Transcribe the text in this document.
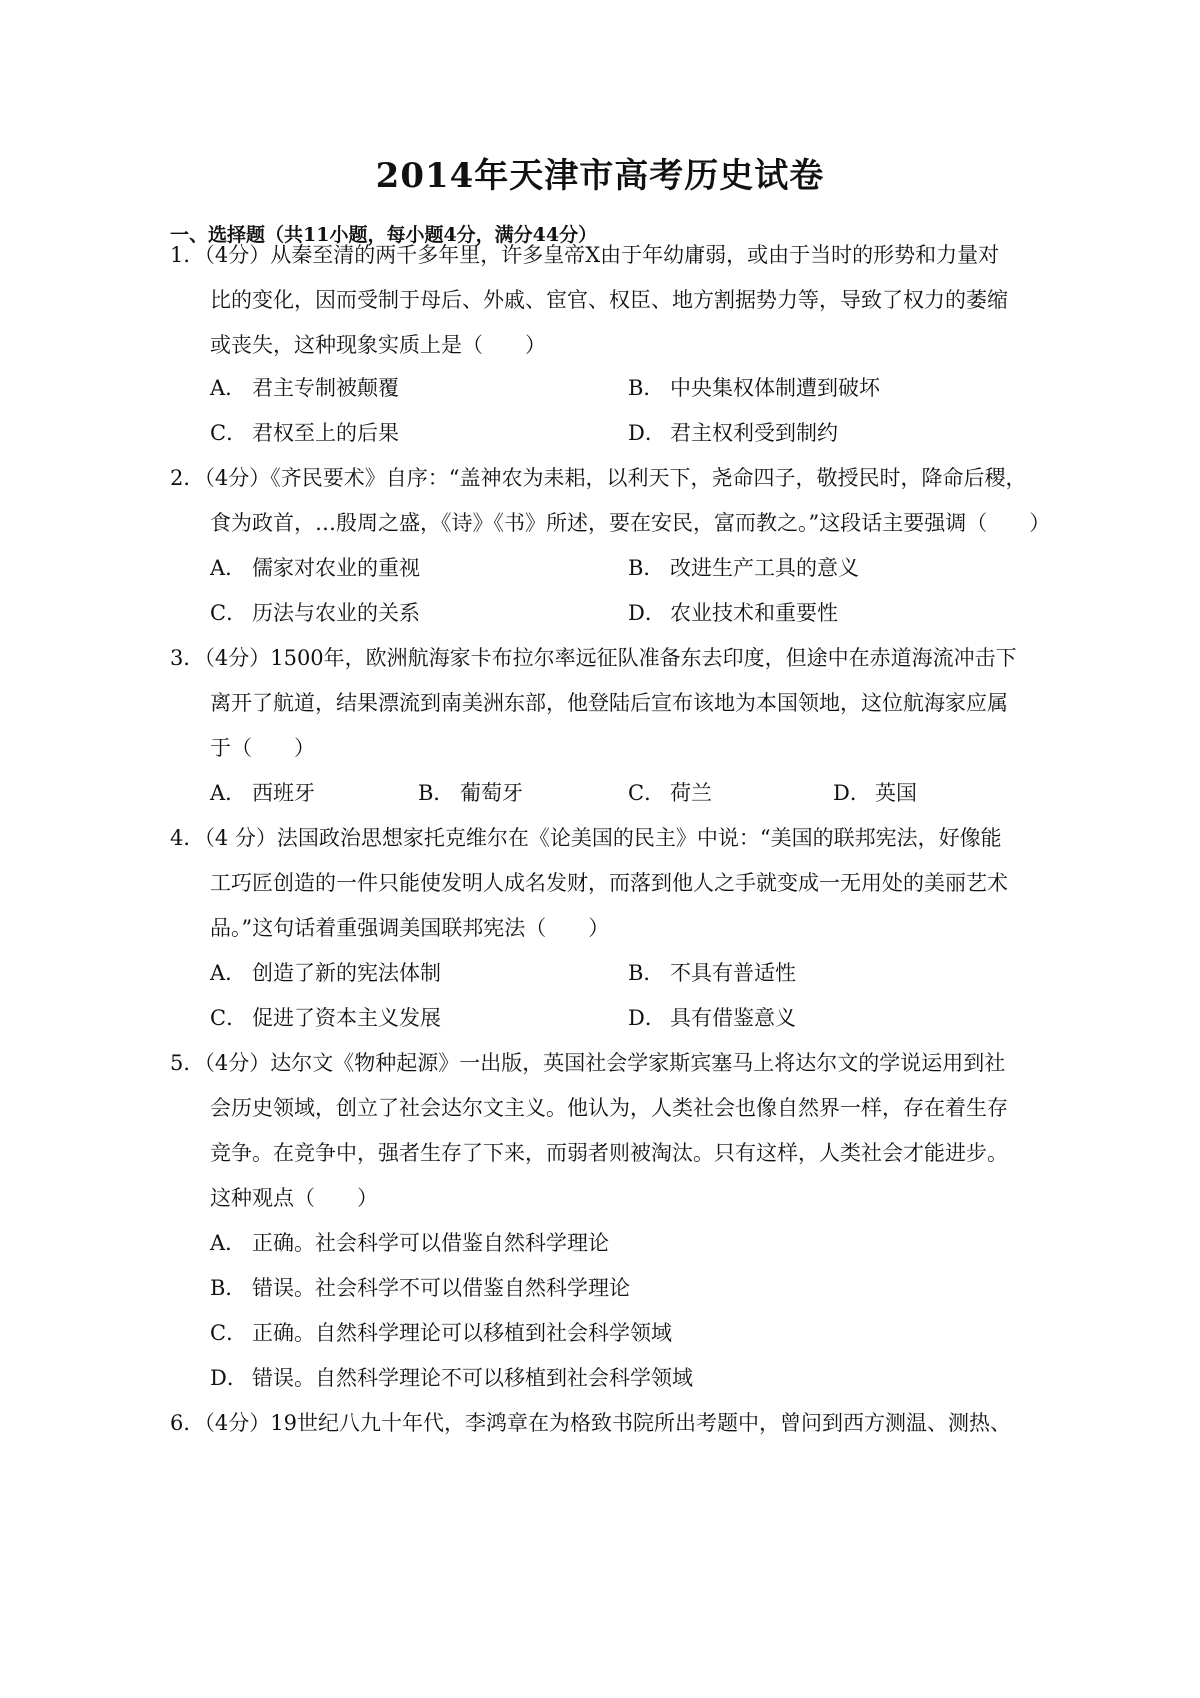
2014年天津市高考历史试卷
一、选择题（共11小题，每小题4分，满分44分）
1．（4分）从秦至清的两千多年里，许多皇帝X由于年幼庸弱，或由于当时的形势和力量对
比的变化，因而受制于母后、外戚、宦官、权臣、地方割据势力等，导致了权力的萎缩
或丧失，这种现象实质上是（　　）
A． 君主专制被颠覆	B． 中央集权体制遭到破坏
C． 君权至上的后果	D． 君主权利受到制约
2．（4分）《齐民要术》自序：“盖神农为耒耜，以利天下，尧命四子，敬授民时，降命后稷，
食为政首，…殷周之盛，《诗》《书》所述，要在安民，富而教之。”这段话主要强调（　　）
A． 儒家对农业的重视	B． 改进生产工具的意义
C． 历法与农业的关系	D． 农业技术和重要性
3．（4分）1500年，欧洲航海家卡布拉尔率远征队准备东去印度，但途中在赤道海流冲击下
离开了航道，结果漂流到南美洲东部，他登陆后宣布该地为本国领地，这位航海家应属
于（　　）
A． 西班牙	B． 葡萄牙	C． 荷兰	D． 英国
4．（4 分）法国政治思想家托克维尔在《论美国的民主》中说：“美国的联邦宪法，好像能
工巧匠创造的一件只能使发明人成名发财，而落到他人之手就变成一无用处的美丽艺术
品。”这句话着重强调美国联邦宪法（　　）
A． 创造了新的宪法体制	B． 不具有普适性
C． 促进了资本主义发展	D． 具有借鉴意义
5．（4分）达尔文《物种起源》一出版，英国社会学家斯宾塞马上将达尔文的学说运用到社
会历史领域，创立了社会达尔文主义。他认为，人类社会也像自然界一样，存在着生存
竞争。在竞争中，强者生存了下来，而弱者则被淘汰。只有这样，人类社会才能进步。
这种观点（　　）
A． 正确。社会科学可以借鉴自然科学理论
B． 错误。社会科学不可以借鉴自然科学理论
C． 正确。自然科学理论可以移植到社会科学领域
D． 错误。自然科学理论不可以移植到社会科学领域
6．（4分）19世纪八九十年代，李鸿章在为格致书院所出考题中，曾问到西方测温、测热、
